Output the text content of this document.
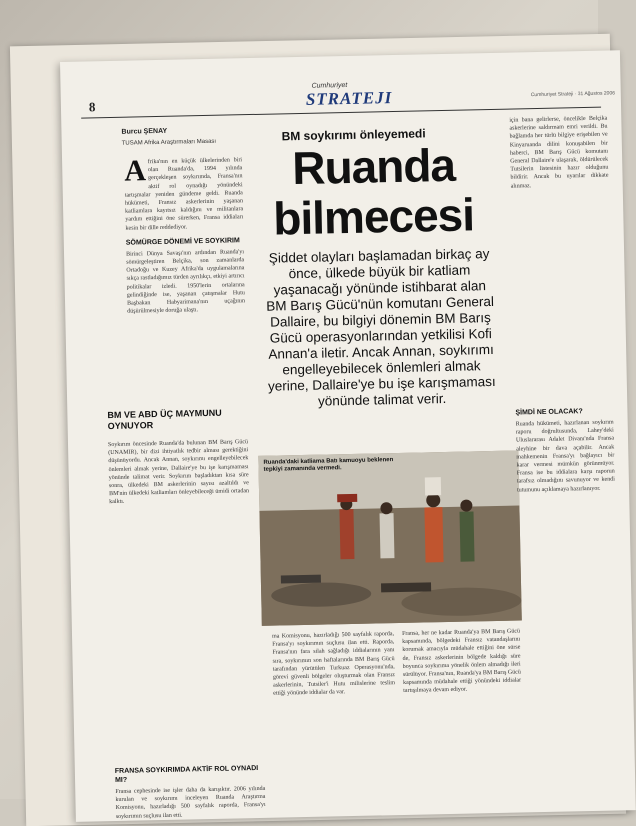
8
Cumhuriyet
STRATEJI	Cumhuriyet Strateji · 31 Ağustos 2006
Burcu ŞENAY
TUSAM Afrika Araştırmaları Masası	BM soykırımı önleyemedi
Ruanda
bilmecesi
Şiddet olayları başlamadan birkaç ay önce, ülkede büyük bir katliam yaşanacağı yönünde istihbarat alan BM Barış Gücü'nün komutanı General Dallaire, bu bilgiyi dönemin BM Barış Gücü operasyonlarından yetkilisi Kofi Annan'a iletir. Ancak Annan, soykırımı engelleyebilecek önlemleri almak yerine, Dallaire'ye bu işe karışmaması yönünde talimat verir.
A frika'nın en küçük ülkelerinden biri olan Ruanda'da, 1994 yılında gerçekleşen soykırımda, Fransa'nın aktif rol oynadığı yönündeki tartışmalar yeniden gündeme geldi. Ruanda hükümeti, Fransız askerlerinin yaşanan katliamlara kayıtsız kaldığını ve militanlara yardım ettiğini öne sürerken, Fransa iddiaları kesin bir dille reddediyor.
SÖMÜRGE DÖNEMİ VE SOYKIRIM
Birinci Dünya Savaşı'nın ardından Ruanda'yı sömürgeleştiren Belçika, son zamanlarda Ortadoğu ve Kuzey Afrika'da uygulamalarına sıkça rastladığımız türden ayrılıkçı, etkiyi artırıcı politikalar izledi. 1950'lerin ortalarına gelindiğinde ise, yaşanan çatışmalar Hutu Başbakan Habyarimana'nın uçağının düşürülmesiyle doruğa ulaştı.
BM VE ABD ÜÇ MAYMUNU OYNUYOR
Soykırım öncesinde Ruanda'da bulunan BM Barış Gücü (UNAMIR), bir dizi ihtiyatlık tedbir alması gerektiğini düşünüyordu. Ancak Annan, soykırımı engelleyebilecek önlemleri almak yerine, Dallaire'ye bu işe karışmaması yönünde talimat verir. Soykırım başladıktan kısa süre sonra, ülkedeki BM askerlerinin sayısı azaltıldı ve BM'nin ülkedeki katliamları önleyebileceği ümidi ortadan kalktı.
FRANSA SOYKIRIMDA AKTİF ROL OYNADI MI?
Fransa cephesinde ise işler daha da karışıktır. 2006 yılında kurulan ve soykırımı inceleyen Ruanda Araştırma Komisyonu, hazırladığı 500 sayfalık raporda, Fransa'yı soykırımın suçlusu ilan etti.
Ruanda'daki katliama Batı kamuoyu beklenen tepkiyi zamanında vermedi.
ma Komisyonu, hazırladığı 500 sayfalık raporda, Fransa'yı soykırımın suçlusu ilan etti. Raporda, Fransa'nın fara silah sağladığı iddialarının yanı sıra, soykırımın son haftalarında BM Barış Gücü tarafından yürütülen Turkuaz Operasyonu'nda, görevi güvenli bölgeler oluşturmak olan Fransız askerlerinin, Tutsiler'i Hutu milislerine teslim ettiği yönünde iddialar da var.
Fransa, her ne kadar Ruanda'ya BM Barış Gücü kapsamında, bölgedeki Fransız vatandaşlarını korumak amacıyla müdahale ettiğini öne sürse de, Fransız askerlerinin bölgede kaldığı süre boyunca soykırıma yönelik önlem almadığı ileri sürülüyor. Fransa'nın, Ruanda'ya BM Barış Gücü kapsamında müdahale ettiği yönündeki iddialar tartışılmaya devam ediyor.
için bana gelirlerse, öncelikle Belçika askerlerine saldırmam emri verildi. Bu bağlamda her türlü bilgiye erişebilen ve Kinyaruanda dilini konuşabilen bir haberci, BM Barış Gücü komutanı General Dallaire'e ulaşarak, öldürülecek Tutsilerin listesinin hazır olduğunu bildirir. Ancak bu uyarılar dikkate alınmaz.
ŞİMDİ NE OLACAK?
Ruanda hükümeti, hazırlanan soykırım raporu doğrultusunda, Lahey'deki Uluslararası Adalet Divanı'nda Fransa aleyhine bir dava açabilir. Ancak mahkemenin Fransa'yı bağlayıcı bir karar vermesi mümkün görünmüyor. Fransa ise bu iddialara karşı raporun tarafsız olmadığını savunuyor ve kendi tutumunu açıklamaya hazırlanıyor.
